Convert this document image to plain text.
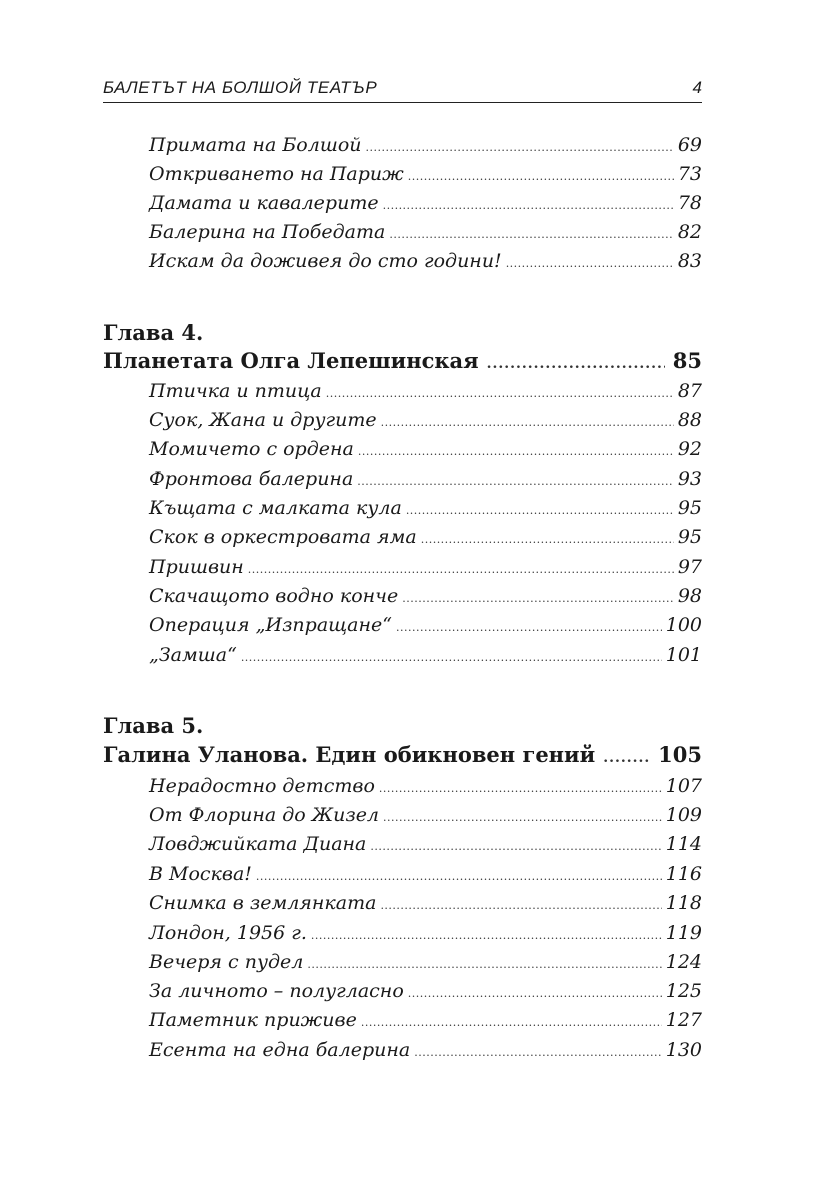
БАЛЕТЪТ НА БОЛШОЙ ТЕАТЪР	4
Примата на Болшой .....	69
Откриването на Париж .....	73
Дамата и кавалерите .....	78
Балерина на Победата .....	82
Искам да доживея до сто години! .....	83
Глава 4.
Планетата Олга Лепешинская .....	85
Птичка и птица .....	87
Суок, Жана и другите .....	88
Момичето с ордена .....	92
Фронтова балерина .....	93
Къщата с малката кула .....	95
Скок в оркестровата яма .....	95
Пришвин .....	97
Скачащото водно конче .....	98
Операция „Изпращане“ .....	100
„Замша“ .....	101
Глава 5.
Галина Уланова. Един обикновен гений .....	105
Нерадостно детство .....	107
От Флорина до Жизел .....	109
Ловджийката Диана .....	114
В Москва! .....	116
Снимка в землянката .....	118
Лондон, 1956 г. .....	119
Вечеря с пудел .....	124
За личното – полугласно .....	125
Паметник приживе .....	127
Есента на една балерина .....	130
